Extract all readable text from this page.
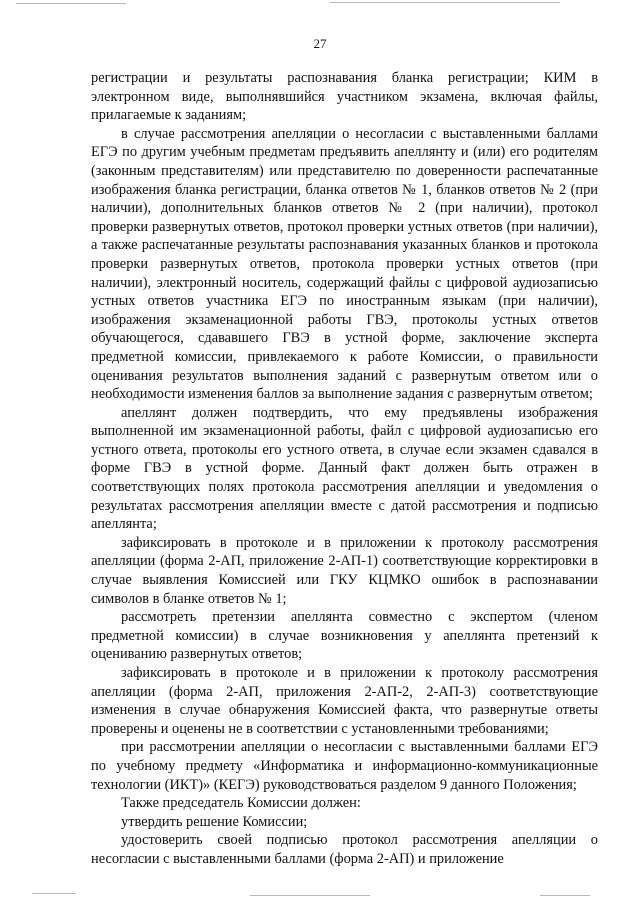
27

регистрации и результаты распознавания бланка регистрации; КИМ в электронном виде, выполнявшийся участником экзамена, включая файлы, прилагаемые к заданиям;

в случае рассмотрения апелляции о несогласии с выставленными баллами ЕГЭ по другим учебным предметам предъявить апеллянту и (или) его родителям (законным представителям) или представителю по доверенности распечатанные изображения бланка регистрации, бланка ответов № 1, бланков ответов № 2 (при наличии), дополнительных бланков ответов № 2 (при наличии), протокол проверки развернутых ответов, протокол проверки устных ответов (при наличии), а также распечатанные результаты распознавания указанных бланков и протокола проверки развернутых ответов, протокола проверки устных ответов (при наличии), электронный носитель, содержащий файлы с цифровой аудиозаписью устных ответов участника ЕГЭ по иностранным языкам (при наличии), изображения экзаменационной работы ГВЭ, протоколы устных ответов обучающегося, сдававшего ГВЭ в устной форме, заключение эксперта предметной комиссии, привлекаемого к работе Комиссии, о правильности оценивания результатов выполнения заданий с развернутым ответом или о необходимости изменения баллов за выполнение задания с развернутым ответом;

апеллянт должен подтвердить, что ему предъявлены изображения выполненной им экзаменационной работы, файл с цифровой аудиозаписью его устного ответа, протоколы его устного ответа, в случае если экзамен сдавался в форме ГВЭ в устной форме. Данный факт должен быть отражен в соответствующих полях протокола рассмотрения апелляции и уведомления о результатах рассмотрения апелляции вместе с датой рассмотрения и подписью апеллянта;

зафиксировать в протоколе и в приложении к протоколу рассмотрения апелляции (форма 2-АП, приложение 2-АП-1) соответствующие корректировки в случае выявления Комиссией или ГКУ КЦМКО ошибок в распознавании символов в бланке ответов № 1;

рассмотреть претензии апеллянта совместно с экспертом (членом предметной комиссии) в случае возникновения у апеллянта претензий к оцениванию развернутых ответов;

зафиксировать в протоколе и в приложении к протоколу рассмотрения апелляции (форма 2-АП, приложения 2-АП-2, 2-АП-3) соответствующие изменения в случае обнаружения Комиссией факта, что развернутые ответы проверены и оценены не в соответствии с установленными требованиями;

при рассмотрении апелляции о несогласии с выставленными баллами ЕГЭ по учебному предмету «Информатика и информационно-коммуникационные технологии (ИКТ)» (КЕГЭ) руководствоваться разделом 9 данного Положения;

Также председатель Комиссии должен:

утвердить решение Комиссии;

удостоверить своей подписью протокол рассмотрения апелляции о несогласии с выставленными баллами (форма 2-АП) и приложение
